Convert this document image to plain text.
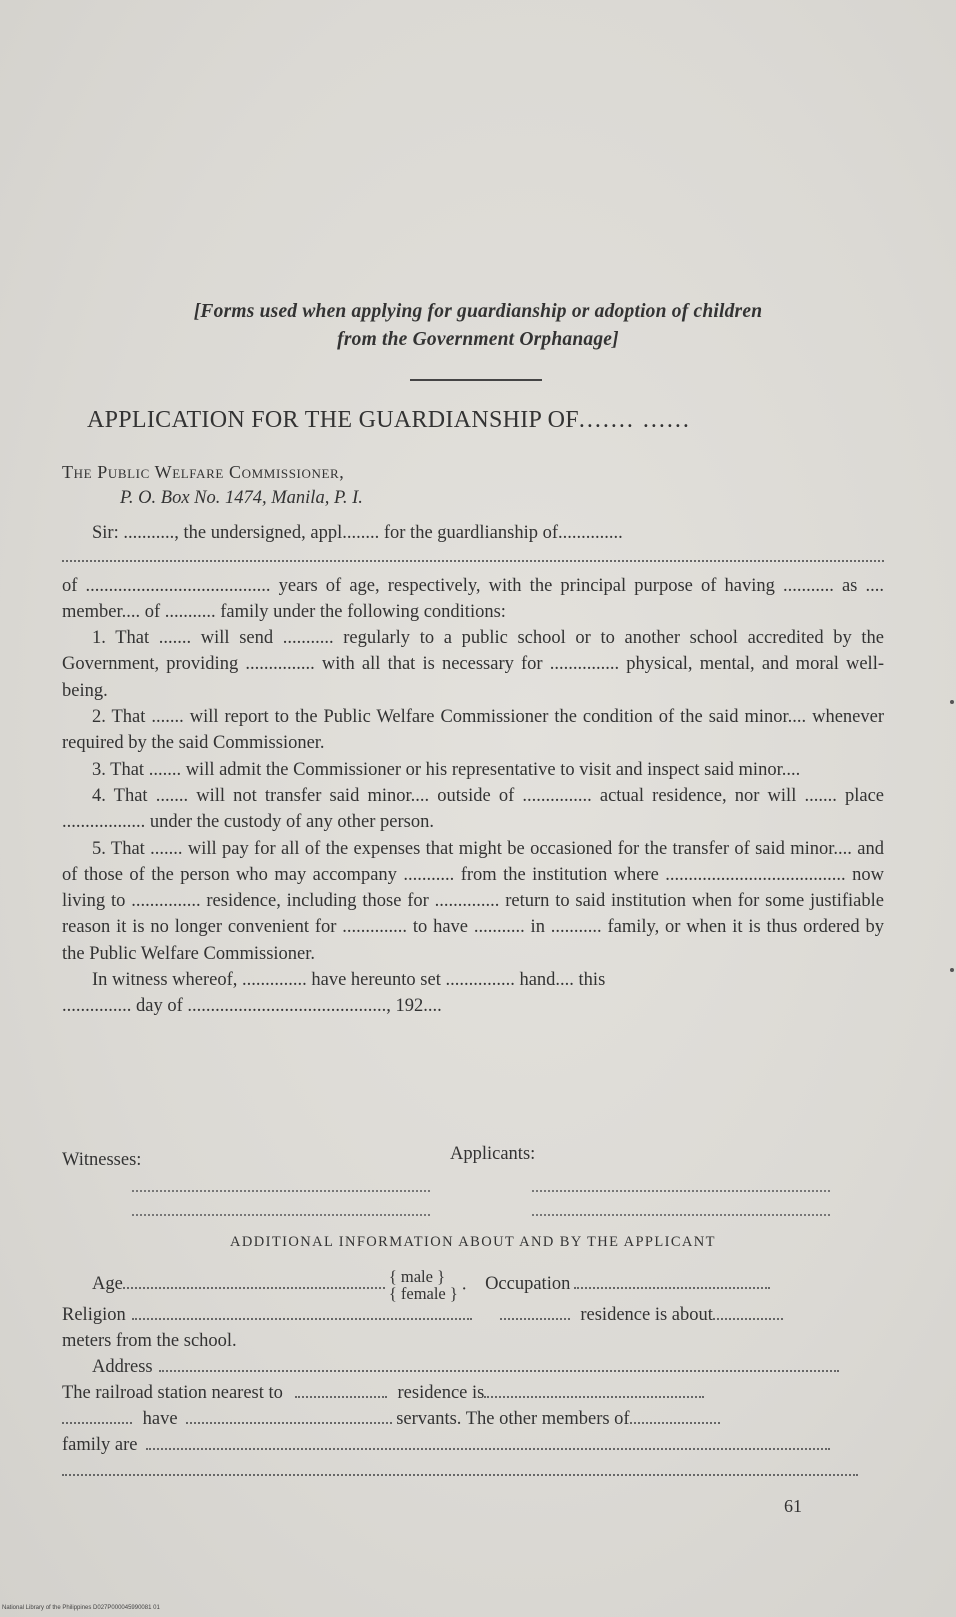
[Forms used when applying for guardianship or adoption of children
from the Government Orphanage]
APPLICATION FOR THE GUARDIANSHIP OF....... ......
The Public Welfare Commissioner,
P. O. Box No. 1474, Manila, P. I.

Sir: ..........., the undersigned, appl........ for the guardlianship of..............

of ........................................ years of age, respectively, with the principal purpose of having ........... as .... member.... of ........... family under the following conditions:

1. That ....... will send ........... regularly to a public school or to another school accredited by the Government, providing ............... with all that is necessary for ............... physical, mental, and moral well-being.

2. That ....... will report to the Public Welfare Commissioner the condition of the said minor.... whenever required by the said Commissioner.

3. That ....... will admit the Commissioner or his representative to visit and inspect said minor....

4. That ....... will not transfer said minor.... outside of ............... actual residence, nor will ....... place .................. under the custody of any other person.

5. That ....... will pay for all of the expenses that might be occasioned for the transfer of said minor.... and of those of the person who may accompany ........... from the institution where ....................................... now living to ............... residence, including those for .............. return to said institution when for some justifiable reason it is no longer convenient for .............. to have ........... in ........... family, or when it is thus ordered by the Public Welfare Commissioner.

In witness whereof, .............. have hereunto set ............... hand.... this

............... day of ..........................................., 192....

Witnesses:	Applicants:
ADDITIONAL INFORMATION ABOUT AND BY THE APPLICANT
Age	{ male }
{ female } . Occupation
Religion	residence is about
meters from the school.
Address
The railroad station nearest to	residence is
have	servants. The other members of
family are
61
National Library of the Philippines D027P000045990081 01
